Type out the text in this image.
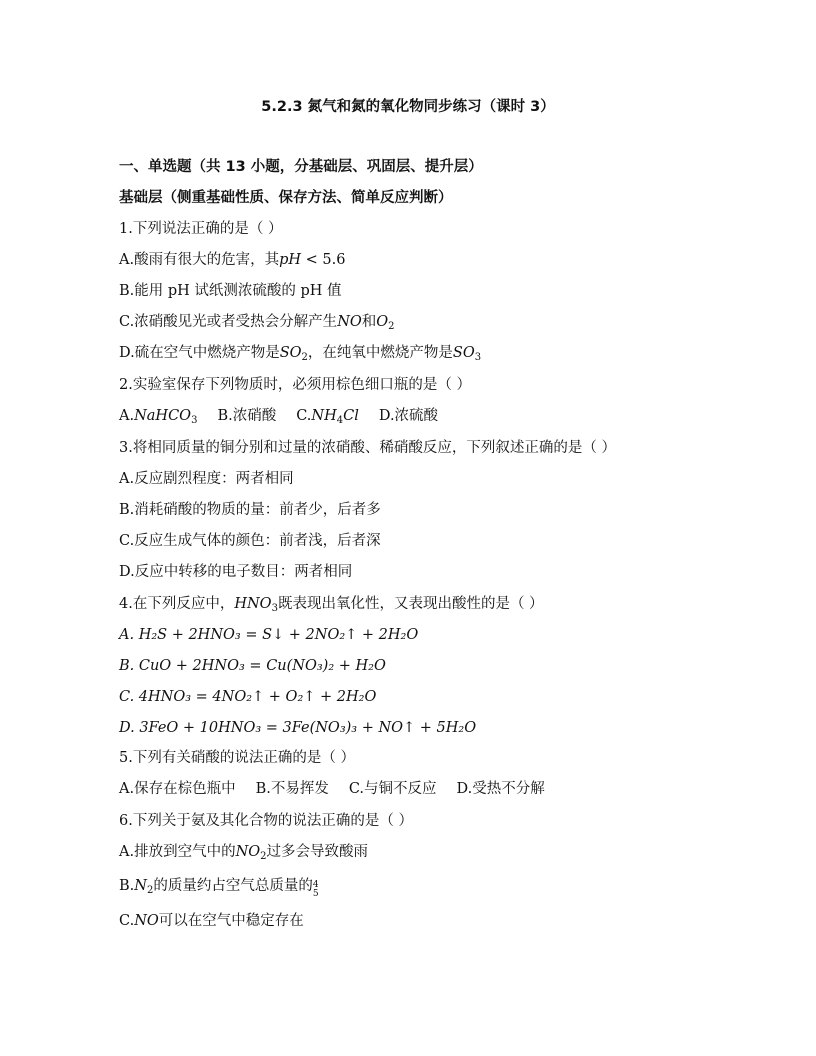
5.2.3 氮气和氮的氧化物同步练习（课时 3）
一、单选题（共 13 小题，分基础层、巩固层、提升层）
基础层（侧重基础性质、保存方法、简单反应判断）
1.下列说法正确的是（ ）
A.酸雨有很大的危害，其pH < 5.6
B.能用 pH 试纸测浓硫酸的 pH 值
C.浓硝酸见光或者受热会分解产生NO和$O_2$
D.硫在空气中燃烧产物是$SO_2$，在纯氧中燃烧产物是$SO_3$
2.实验室保存下列物质时，必须用棕色细口瓶的是（ ）
A.NaHCO$_3$ B.浓硝酸 $C.NH_4Cl$ D.浓硫酸
3.将相同质量的铜分别和过量的浓硝酸、稀硝酸反应，下列叙述正确的是（ ）
A.反应剧烈程度：两者相同
B.消耗硝酸的物质的量：前者少，后者多
C.反应生成气体的颜色：前者浅，后者深
D.反应中转移的电子数目：两者相同
4.在下列反应中，$HNO_3$既表现出氧化性，又表现出酸性的是（ ）
A. H₂S + 2HNO₃ = S↓ + 2NO₂↑ + 2H₂O
B. CuO + 2HNO₃ = Cu(NO₃)₂ + H₂O
C. 4HNO₃ = 4NO₂↑ + O₂↑ + 2H₂O
D. 3FeO + 10HNO₃ = 3Fe(NO₃)₃ + NO↑ + 5H₂O
5.下列有关硝酸的说法正确的是（ ）
A.保存在棕色瓶中 B.不易挥发 C.与铜不反应 D.受热不分解
6.下列关于氨及其化合物的说法正确的是（ ）
A.排放到空气中的$NO_2$过多会导致酸雨
$B.N_2$的质量约占空气总质量的 4
5
C.NO可以在空气中稳定存在
